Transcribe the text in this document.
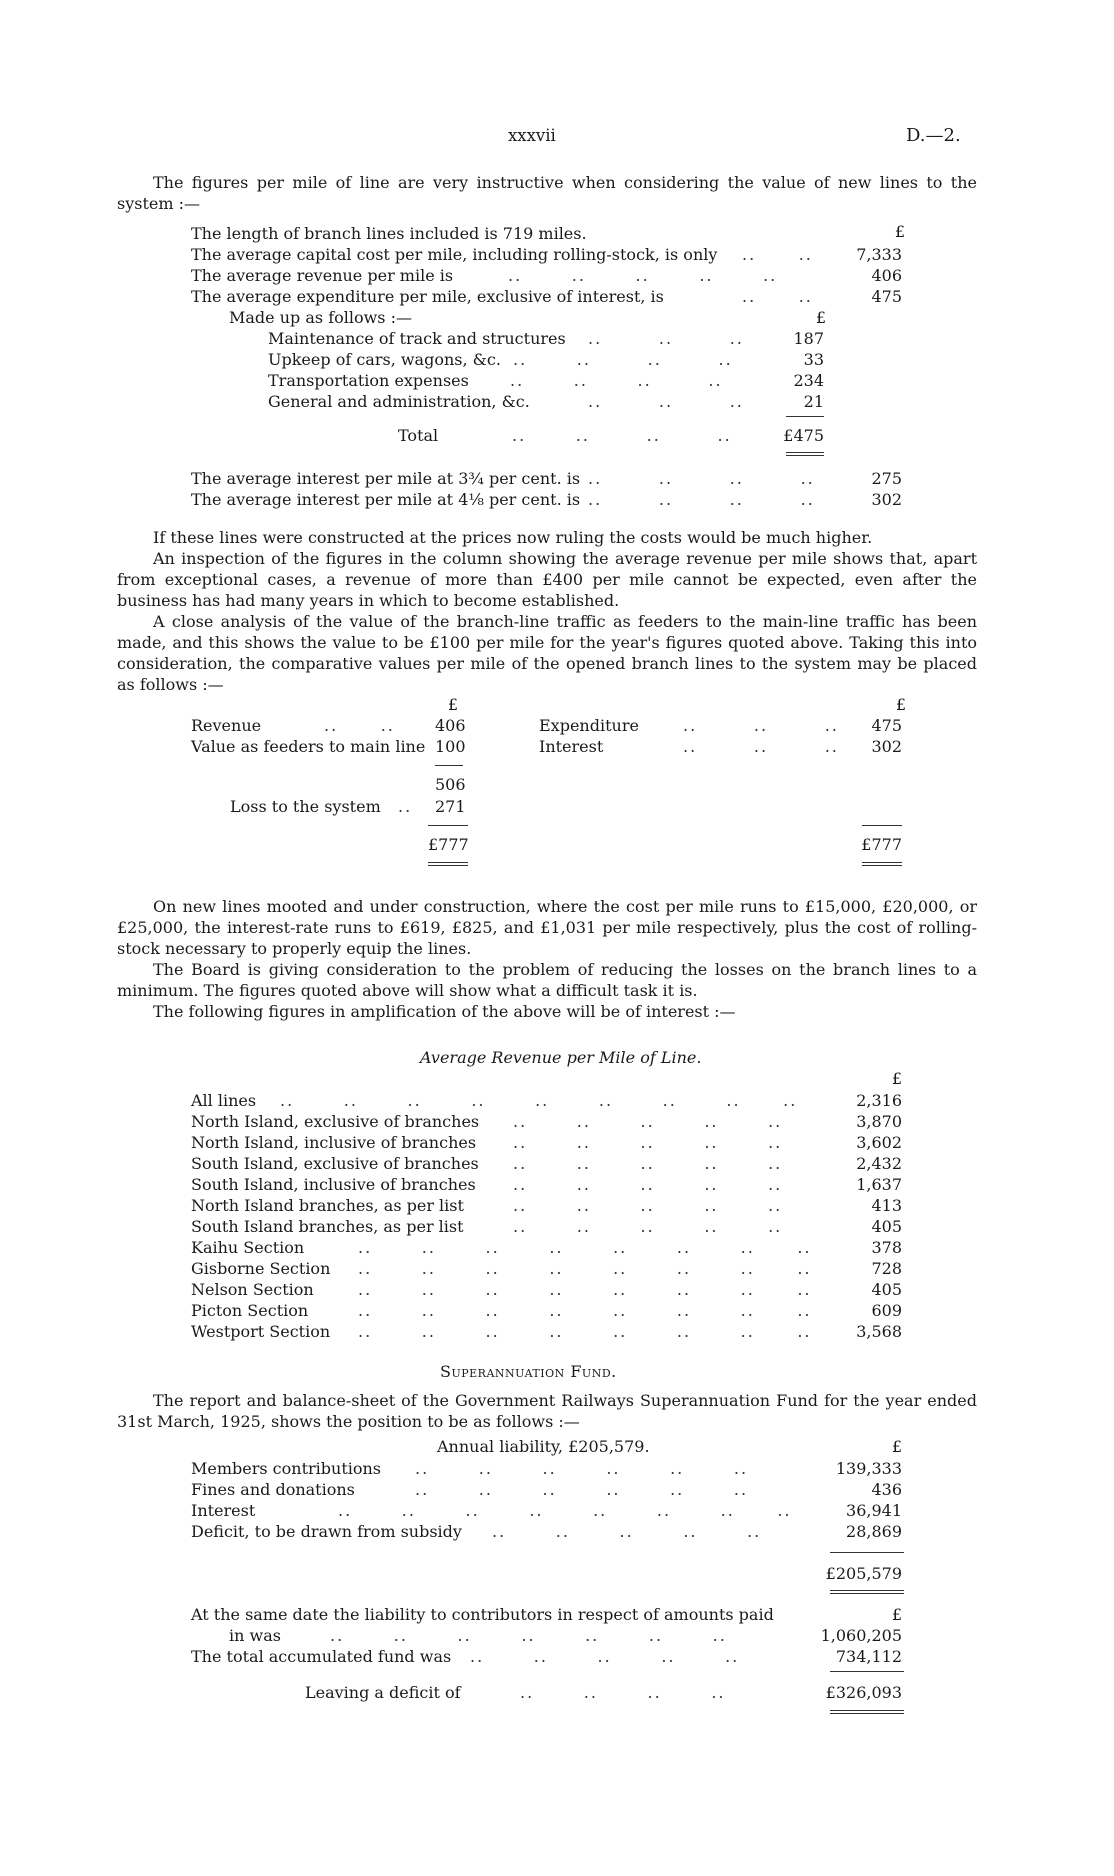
xxxvii	D.—2.

The figures per mile of line are very instructive when considering the value of new lines to the system :—

£
The length of branch lines included is 719 miles.
The average capital cost per mile, including rolling-stock, is only ..      ..	7,333
The average revenue per mile is	..       ..       ..       ..       ..	406
The average expenditure per mile, exclusive of interest, is	..      ..	475
Made up as follows :—	£
Maintenance of track and structures ..        ..        ..	187
Upkeep of cars, wagons, &c. ..       ..        ..        ..	33
Transportation expenses	..       ..       ..        ..	234
General and administration, &c.	..        ..        ..	21
Total	..       ..        ..        ..	£475
The average interest per mile at 3¾ per cent. is ..        ..        ..        ..	275
The average interest per mile at 4⅛ per cent. is ..        ..        ..        ..	302

If these lines were constructed at the prices now ruling the costs would be much higher.

An inspection of the figures in the column showing the average revenue per mile shows that, apart from exceptional cases, a revenue of more than £400 per mile cannot be expected, even after the business has had many years in which to become established.

A close analysis of the value of the branch-line traffic as feeders to the main-line traffic has been made, and this shows the value to be £100 per mile for the year's figures quoted above. Taking this into consideration, the comparative values per mile of the opened branch lines to the system may be placed as follows :—

£	£
Revenue	..      ..	406	Expenditure	..        ..        ..	475
Value as feeders to main line 100	Interest	..        ..        ..	302
506
Loss to the system .. 271
£777	£777

On new lines mooted and under construction, where the cost per mile runs to £15,000, £20,000, or £25,000, the interest-rate runs to £619, £825, and £1,031 per mile respectively, plus the cost of rolling-stock necessary to properly equip the lines.

The Board is giving consideration to the problem of reducing the losses on the branch lines to a minimum. The figures quoted above will show what a difficult task it is.

The following figures in amplification of the above will be of interest :—

Average Revenue per Mile of Line.
£
All lines ..       ..       ..       ..       ..       ..       ..       ..      ..	2,316
North Island, exclusive of branches ..       ..       ..       ..       ..	3,870
North Island, inclusive of branches ..       ..       ..       ..       ..	3,602
South Island, exclusive of branches ..       ..       ..       ..       ..	2,432
South Island, inclusive of branches ..       ..       ..       ..       ..	1,637
North Island branches, as per list	..       ..       ..       ..       ..	413
South Island branches, as per list	..       ..       ..       ..       ..	405
Kaihu Section	..       ..       ..       ..       ..       ..       ..      ..	378
Gisborne Section ..       ..       ..       ..       ..       ..       ..      ..	728
Nelson Section	..       ..       ..       ..       ..       ..       ..      ..	405
Picton Section	..       ..       ..       ..       ..       ..       ..      ..	609
Westport Section ..       ..       ..       ..       ..       ..       ..      ..	3,568
Superannuation Fund.

The report and balance-sheet of the Government Railways Superannuation Fund for the year ended 31st March, 1925, shows the position to be as follows :—

Annual liability, £205,579.	£
Members contributions ..       ..       ..       ..       ..       ..	139,333
Fines and donations	..       ..       ..       ..       ..       ..	436
Interest	..       ..       ..       ..       ..       ..       ..      ..	36,941
Deficit, to be drawn from subsidy ..       ..       ..       ..       ..	28,869
£205,579
At the same date the liability to contributors in respect of amounts paid	£
in was	..       ..       ..       ..       ..       ..       ..	1,060,205
The total accumulated fund was ..       ..       ..       ..       ..	734,112
Leaving a deficit of	..       ..       ..       ..	£326,093
